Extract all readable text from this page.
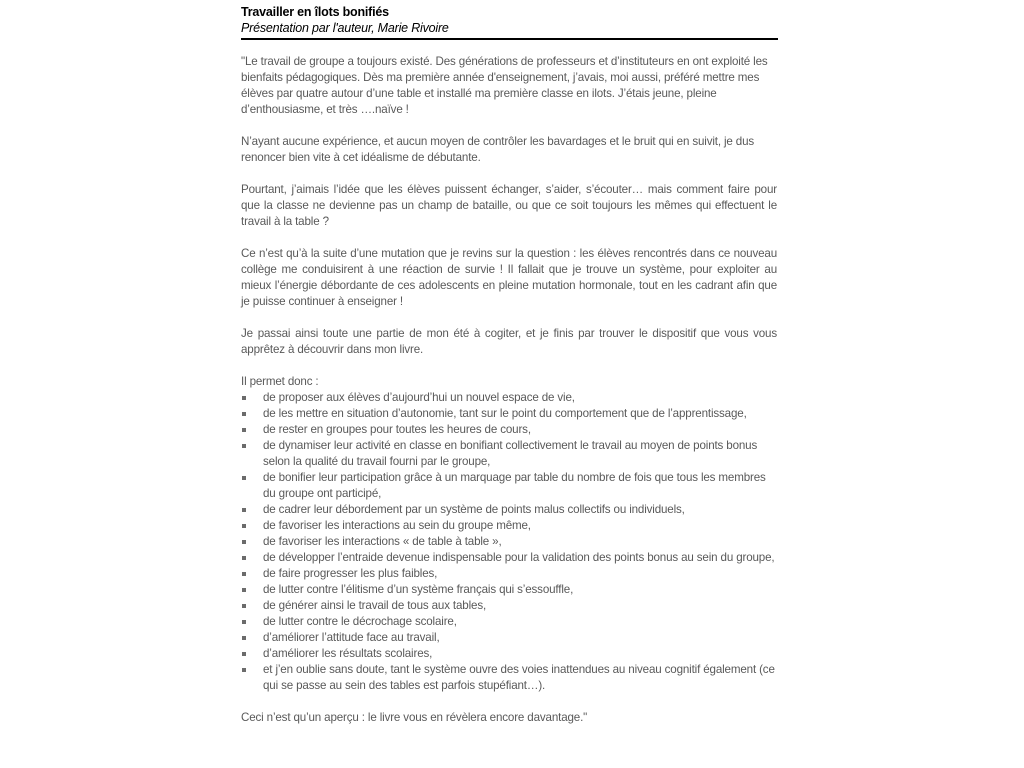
Travailler en îlots bonifiés
Présentation par l'auteur, Marie Rivoire

"Le travail de groupe a toujours existé. Des générations de professeurs et d’instituteurs en ont exploité les bienfaits pédagogiques. Dès ma première année d'enseignement, j’avais, moi aussi, préféré mettre mes élèves par quatre autour d’une table et installé ma première classe en ilots. J’étais jeune, pleine d’enthousiasme, et très ….naïve !

N’ayant aucune expérience, et aucun moyen de contrôler les bavardages et le bruit qui en suivit, je dus renoncer bien vite à cet idéalisme de débutante.

Pourtant, j’aimais l’idée que les élèves puissent échanger, s’aider, s’écouter… mais comment faire pour que la classe ne devienne pas un champ de bataille, ou que ce soit toujours les mêmes qui effectuent le travail à la table ?

Ce n’est qu’à la suite d’une mutation que je revins sur la question : les élèves rencontrés dans ce nouveau collège me conduisirent à une réaction de survie ! Il fallait que je trouve un système, pour exploiter au mieux l’énergie débordante de ces adolescents en pleine mutation hormonale, tout en les cadrant afin que je puisse continuer à enseigner !

Je passai ainsi toute une partie de mon été à cogiter, et je finis par trouver le dispositif que vous vous apprêtez à découvrir dans mon livre.

Il permet donc :

de proposer aux élèves d’aujourd’hui un nouvel espace de vie,
de les mettre en situation d’autonomie, tant sur le point du comportement que de l’apprentissage,
de rester en groupes pour toutes les heures de cours,
de dynamiser leur activité en classe en bonifiant collectivement le travail au moyen de points bonus selon la qualité du travail fourni par le groupe,
de bonifier leur participation grâce à un marquage par table du nombre de fois que tous les membres du groupe ont participé,
de cadrer leur débordement par un système de points malus collectifs ou individuels,
de favoriser les interactions au sein du groupe même,
de favoriser les interactions « de table à table »,
de développer l’entraide devenue indispensable pour la validation des points bonus au sein du groupe,
de faire progresser les plus faibles,
de lutter contre l’élitisme d’un système français qui s’essouffle,
de générer ainsi le travail de tous aux tables,
de lutter contre le décrochage scolaire,
d’améliorer l’attitude face au travail,
d’améliorer les résultats scolaires,
et j’en oublie sans doute, tant le système ouvre des voies inattendues au niveau cognitif également (ce qui se passe au sein des tables est parfois stupéfiant…).

Ceci n’est qu’un aperçu : le livre vous en révèlera encore davantage."
